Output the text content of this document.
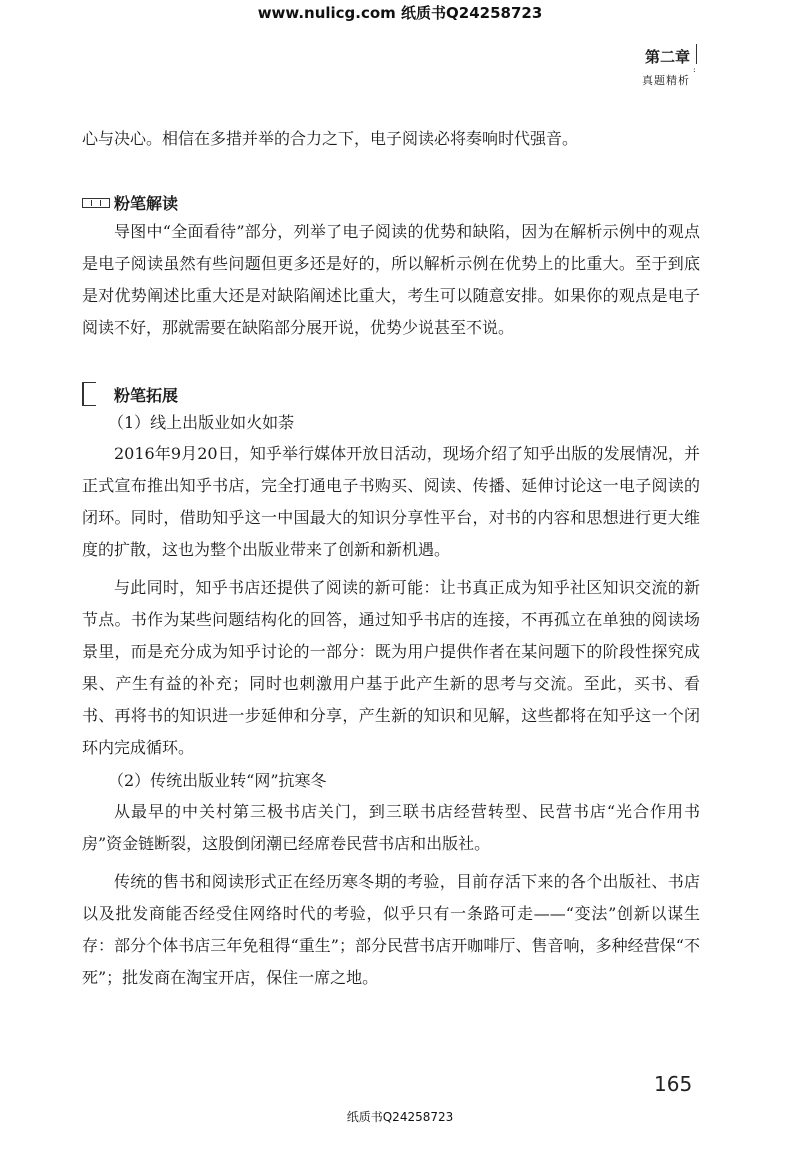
www.nulicg.com 纸质书Q24258723
:
第二章
真题精析

心与决心。相信在多措并举的合力之下，电子阅读必将奏响时代强音。

粉笔解读

导图中“全面看待”部分，列举了电子阅读的优势和缺陷，因为在解析示例中的观点是电子阅读虽然有些问题但更多还是好的，所以解析示例在优势上的比重大。至于到底是对优势阐述比重大还是对缺陷阐述比重大，考生可以随意安排。如果你的观点是电子阅读不好，那就需要在缺陷部分展开说，优势少说甚至不说。

粉笔拓展
（1）线上出版业如火如荼

2016年9月20日，知乎举行媒体开放日活动，现场介绍了知乎出版的发展情况，并正式宣布推出知乎书店，完全打通电子书购买、阅读、传播、延伸讨论这一电子阅读的闭环。同时，借助知乎这一中国最大的知识分享性平台，对书的内容和思想进行更大维度的扩散，这也为整个出版业带来了创新和新机遇。

与此同时，知乎书店还提供了阅读的新可能：让书真正成为知乎社区知识交流的新节点。书作为某些问题结构化的回答，通过知乎书店的连接，不再孤立在单独的阅读场景里，而是充分成为知乎讨论的一部分：既为用户提供作者在某问题下的阶段性探究成果、产生有益的补充；同时也刺激用户基于此产生新的思考与交流。至此，买书、看书、再将书的知识进一步延伸和分享，产生新的知识和见解，这些都将在知乎这一个闭环内完成循环。

（2）传统出版业转“网”抗寒冬

从最早的中关村第三极书店关门，到三联书店经营转型、民营书店“光合作用书房”资金链断裂，这股倒闭潮已经席卷民营书店和出版社。

传统的售书和阅读形式正在经历寒冬期的考验，目前存活下来的各个出版社、书店以及批发商能否经受住网络时代的考验，似乎只有一条路可走——“变法”创新以谋生存：部分个体书店三年免租得“重生”；部分民营书店开咖啡厅、售音响，多种经营保“不死”；批发商在淘宝开店，保住一席之地。

165
纸质书Q24258723
